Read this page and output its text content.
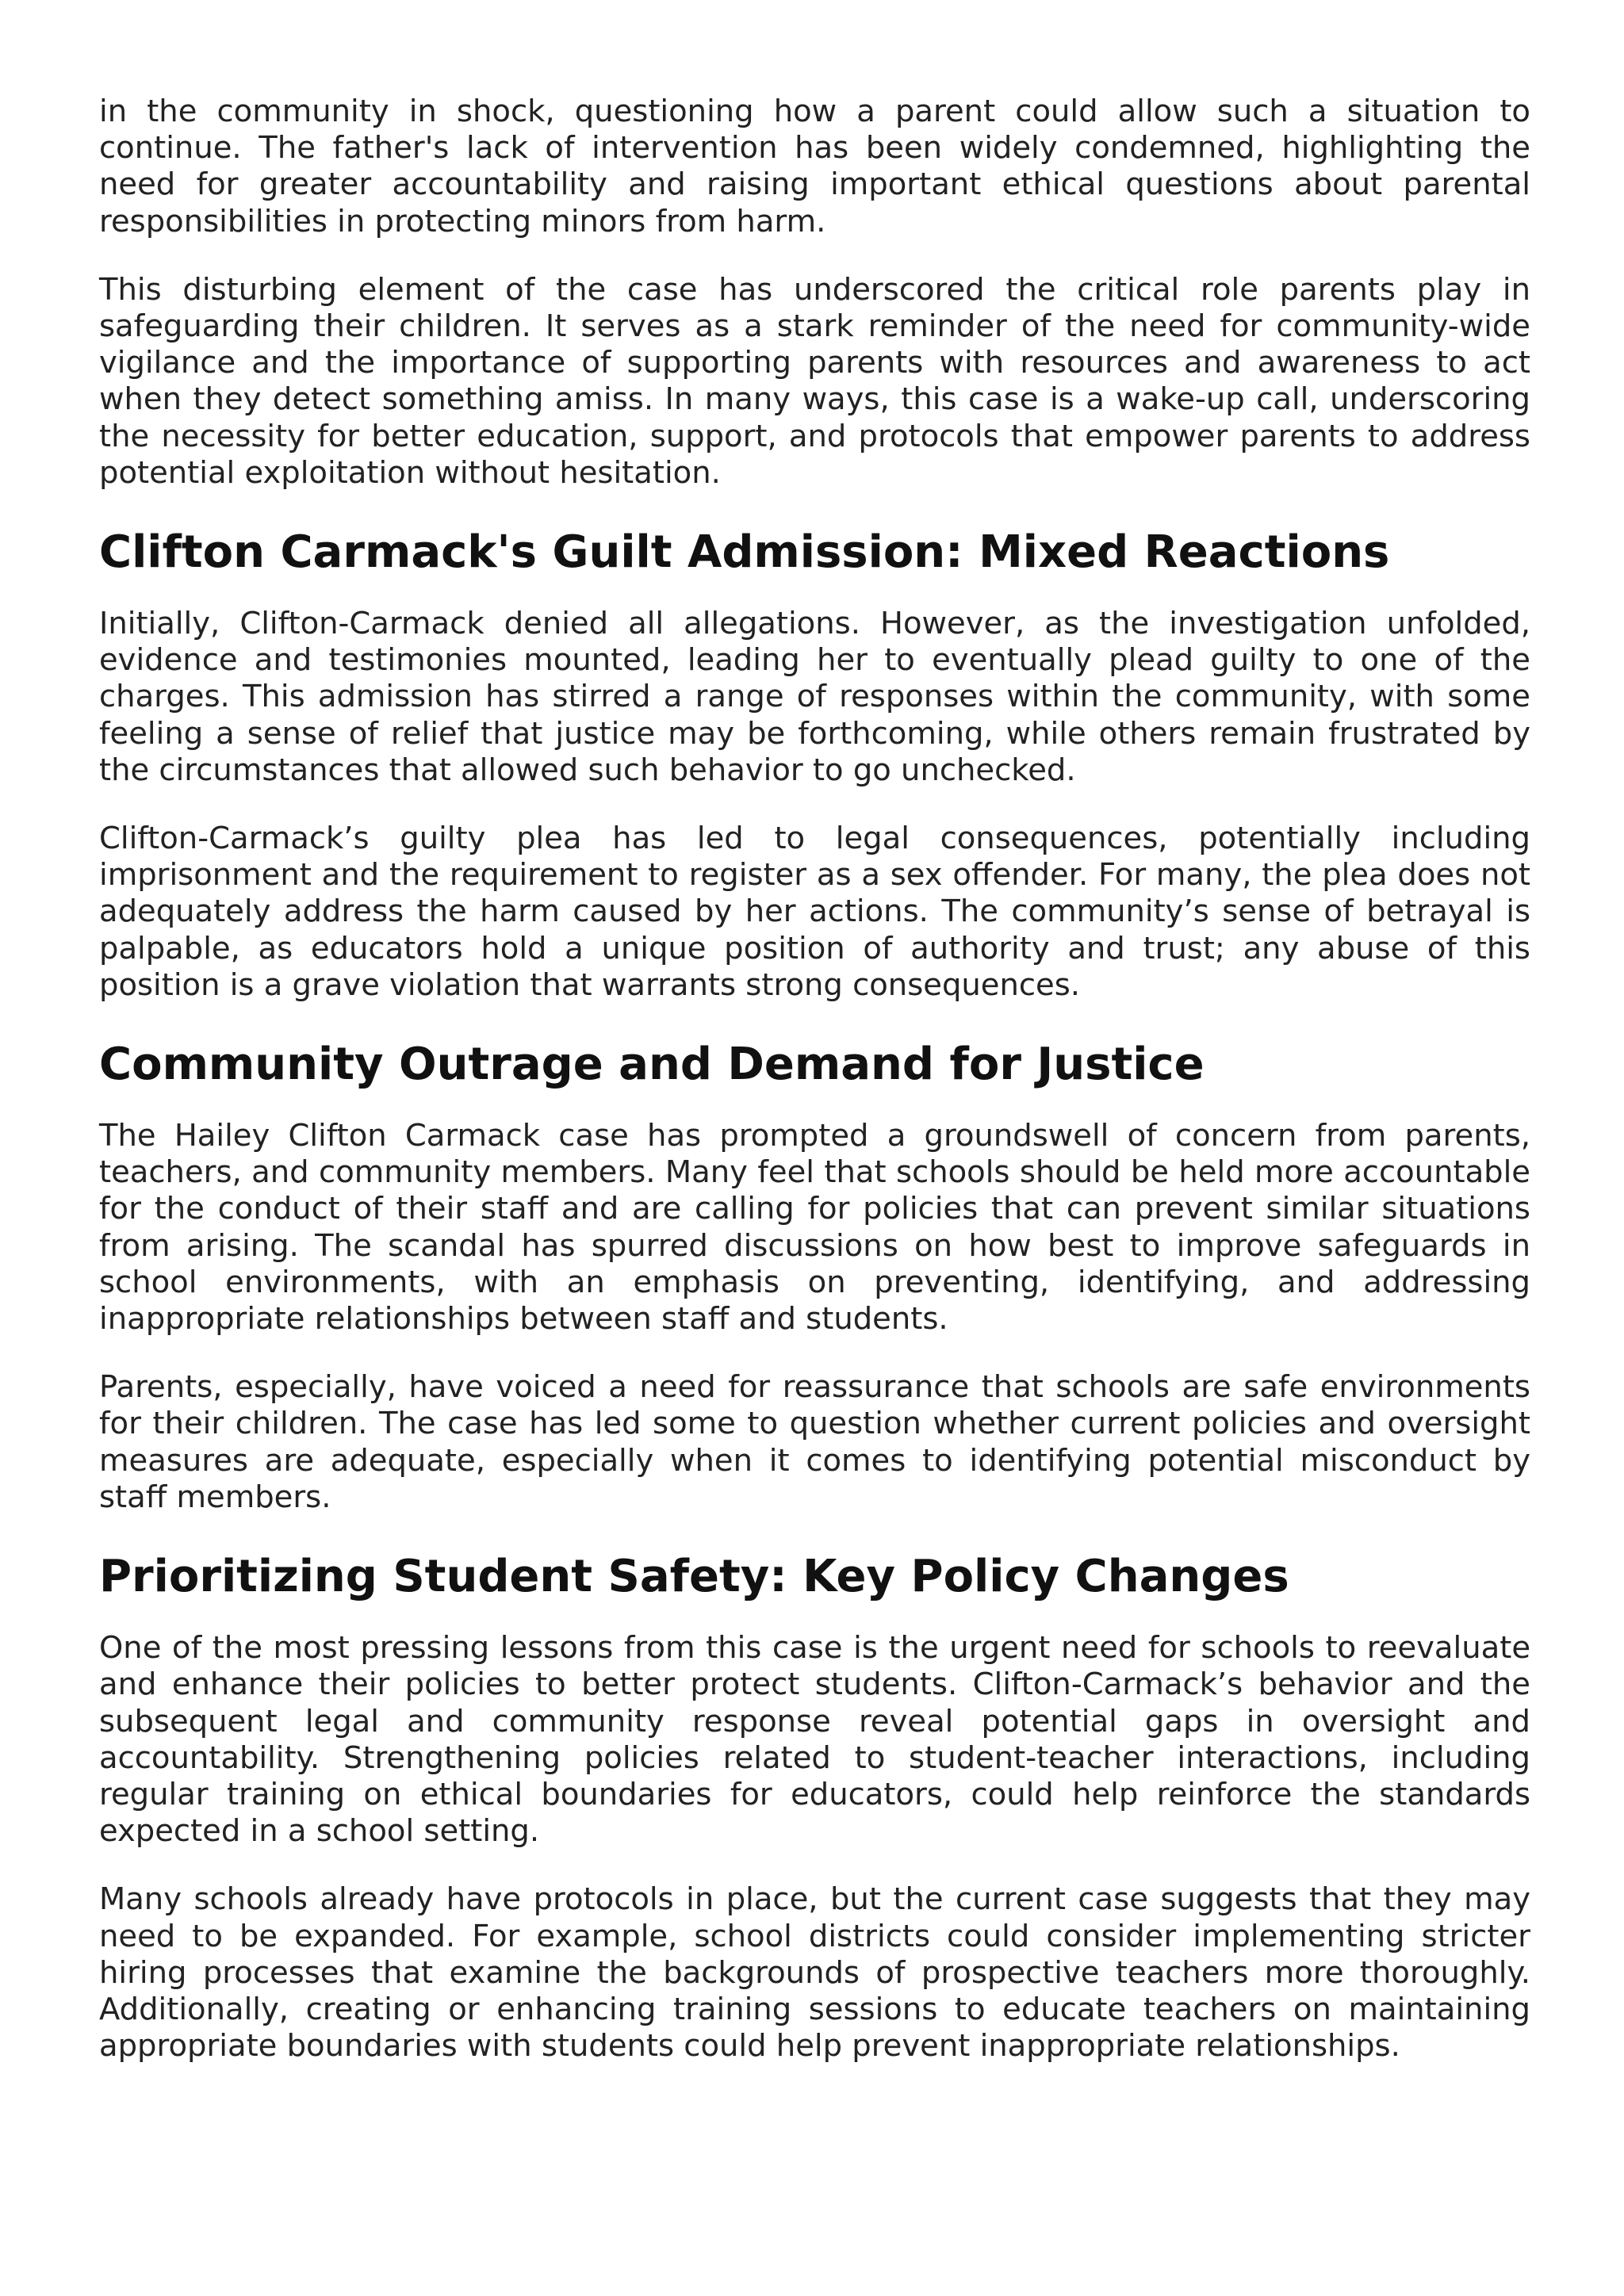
in the community in shock, questioning how a parent could allow such a situation to continue. The father's lack of intervention has been widely condemned, highlighting the need for greater accountability and raising important ethical questions about parental responsibilities in protecting minors from harm.

This disturbing element of the case has underscored the critical role parents play in safeguarding their children. It serves as a stark reminder of the need for community-wide vigilance and the importance of supporting parents with resources and awareness to act when they detect something amiss. In many ways, this case is a wake-up call, underscoring the necessity for better education, support, and protocols that empower parents to address potential exploitation without hesitation.

Clifton Carmack's Guilt Admission: Mixed Reactions

Initially, Clifton-Carmack denied all allegations. However, as the investigation unfolded, evidence and testimonies mounted, leading her to eventually plead guilty to one of the charges. This admission has stirred a range of responses within the community, with some feeling a sense of relief that justice may be forthcoming, while others remain frustrated by the circumstances that allowed such behavior to go unchecked.

Clifton-Carmack’s guilty plea has led to legal consequences, potentially including imprisonment and the requirement to register as a sex offender. For many, the plea does not adequately address the harm caused by her actions. The community’s sense of betrayal is palpable, as educators hold a unique position of authority and trust; any abuse of this position is a grave violation that warrants strong consequences.

Community Outrage and Demand for Justice

The Hailey Clifton Carmack case has prompted a groundswell of concern from parents, teachers, and community members. Many feel that schools should be held more accountable for the conduct of their staff and are calling for policies that can prevent similar situations from arising. The scandal has spurred discussions on how best to improve safeguards in school environments, with an emphasis on preventing, identifying, and addressing inappropriate relationships between staff and students.

Parents, especially, have voiced a need for reassurance that schools are safe environments for their children. The case has led some to question whether current policies and oversight measures are adequate, especially when it comes to identifying potential misconduct by staff members.

Prioritizing Student Safety: Key Policy Changes

One of the most pressing lessons from this case is the urgent need for schools to reevaluate and enhance their policies to better protect students. Clifton-Carmack’s behavior and the subsequent legal and community response reveal potential gaps in oversight and accountability. Strengthening policies related to student-teacher interactions, including regular training on ethical boundaries for educators, could help reinforce the standards expected in a school setting.

Many schools already have protocols in place, but the current case suggests that they may need to be expanded. For example, school districts could consider implementing stricter hiring processes that examine the backgrounds of prospective teachers more thoroughly. Additionally, creating or enhancing training sessions to educate teachers on maintaining appropriate boundaries with students could help prevent inappropriate relationships.
